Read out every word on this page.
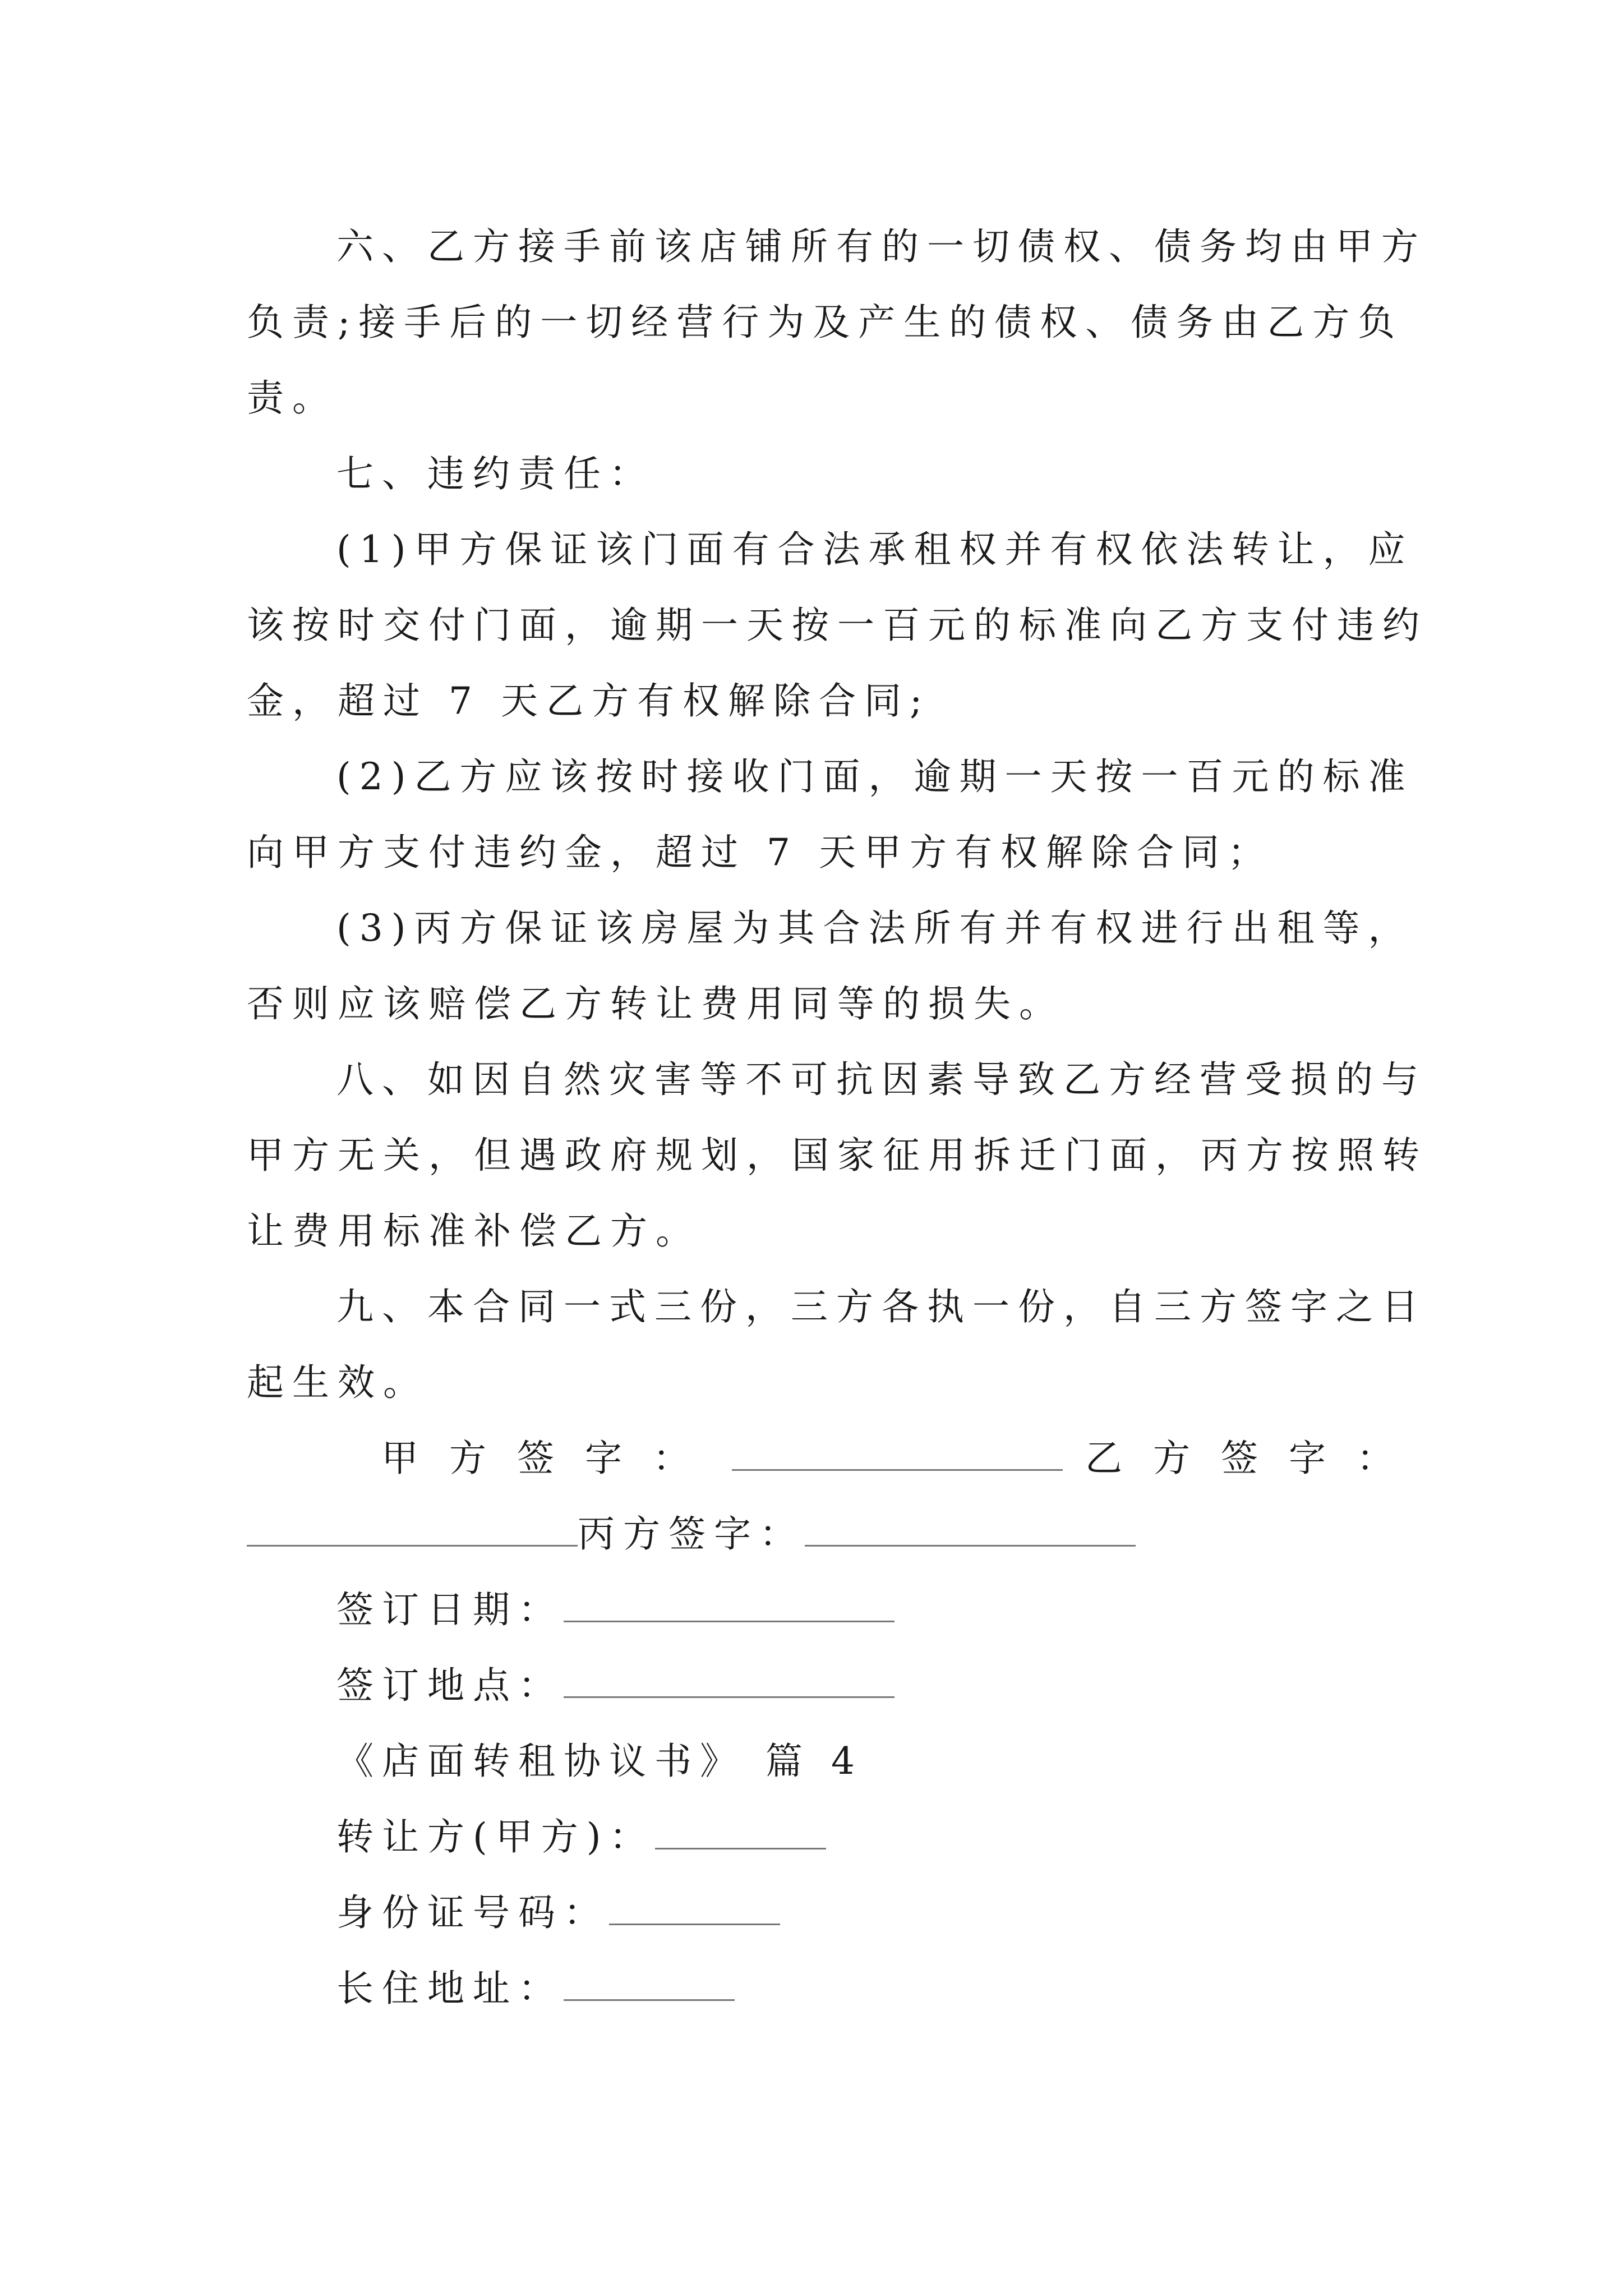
六、乙方接手前该店铺所有的一切债权、债务均由甲方
负责;接手后的一切经营行为及产生的债权、债务由乙方负
责。
七、违约责任：
(1)甲方保证该门面有合法承租权并有权依法转让，应
该按时交付门面，逾期一天按一百元的标准向乙方支付违约
金，超过 7 天乙方有权解除合同;
(2)乙方应该按时接收门面，逾期一天按一百元的标准
向甲方支付违约金，超过 7 天甲方有权解除合同；
(3)丙方保证该房屋为其合法所有并有权进行出租等，
否则应该赔偿乙方转让费用同等的损失。
八、如因自然灾害等不可抗因素导致乙方经营受损的与
甲方无关，但遇政府规划，国家征用拆迁门面，丙方按照转
让费用标准补偿乙方。
九、本合同一式三份，三方各执一份，自三方签字之日
起生效。
甲方签字：	乙方签字：
丙方签字：
签订日期：
签订地点：
《店面转租协议书》 篇 4
转让方(甲方)：
身份证号码：
长住地址：
